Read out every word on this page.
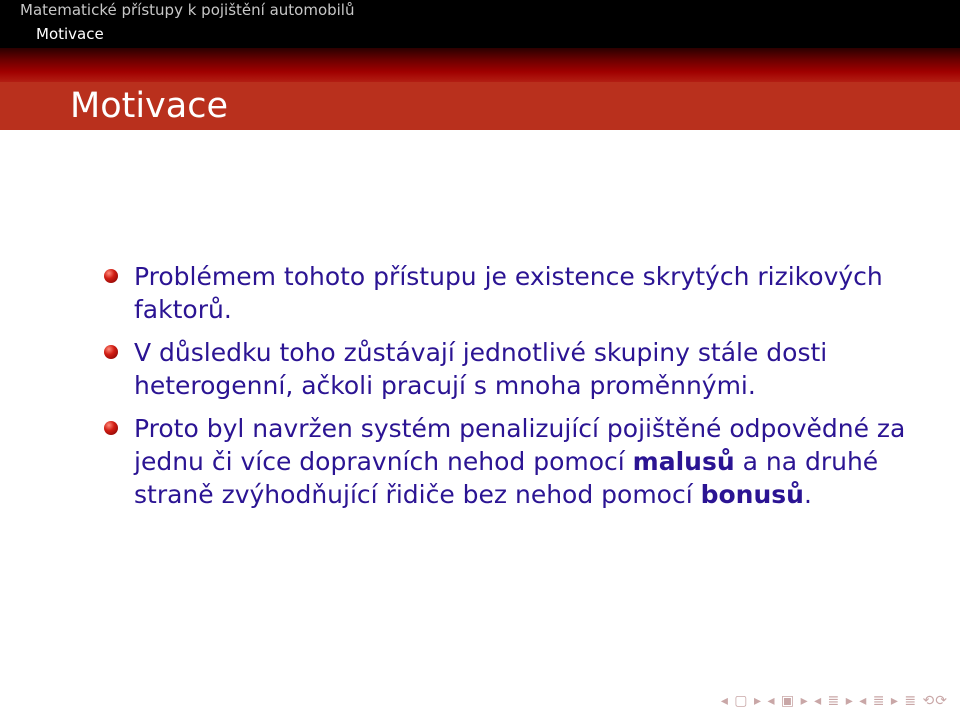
Matematické přístupy k pojištění automobilů
Motivace
Motivace
Problémem tohoto přístupu je existence skrytých rizikových faktorů.
V důsledku toho zůstávají jednotlivé skupiny stále dosti heterogenní, ačkoli pracují s mnoha proměnnými.
Proto byl navržen systém penalizující pojištěné odpovědné za jednu či více dopravních nehod pomocí malusů a na druhé straně zvýhodňující řidiče bez nehod pomocí bonusů.
◂ ▢ ▸ ◂ ▣ ▸ ◂ ≣ ▸ ◂ ≣ ▸ ≣ ⟲⟳
